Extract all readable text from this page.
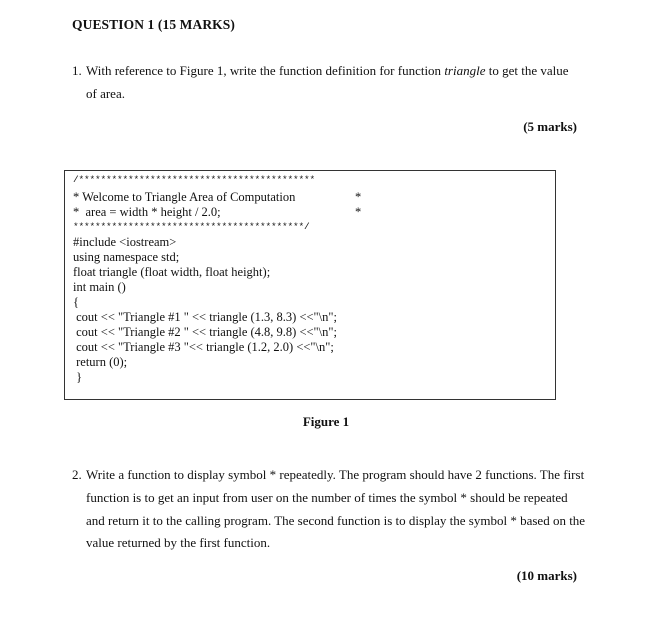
QUESTION 1 (15 MARKS)
1. With reference to Figure 1, write the function definition for function triangle to get the value
of area.
(5 marks)
/*******************************************
* Welcome to Triangle Area of Computation	*
*  area = width * height / 2.0;	*
******************************************/
#include <iostream>
using namespace std;
float triangle (float width, float height);
int main ()
{
cout << "Triangle #1 " << triangle (1.3, 8.3) <<"\n";
cout << "Triangle #2 " << triangle (4.8, 9.8) <<"\n";
cout << "Triangle #3 "<< triangle (1.2, 2.0) <<"\n";
return (0);
}
Figure 1
2. Write a function to display symbol * repeatedly. The program should have 2 functions. The first
function is to get an input from user on the number of times the symbol * should be repeated
and return it to the calling program. The second function is to display the symbol * based on the
value returned by the first function.
(10 marks)
